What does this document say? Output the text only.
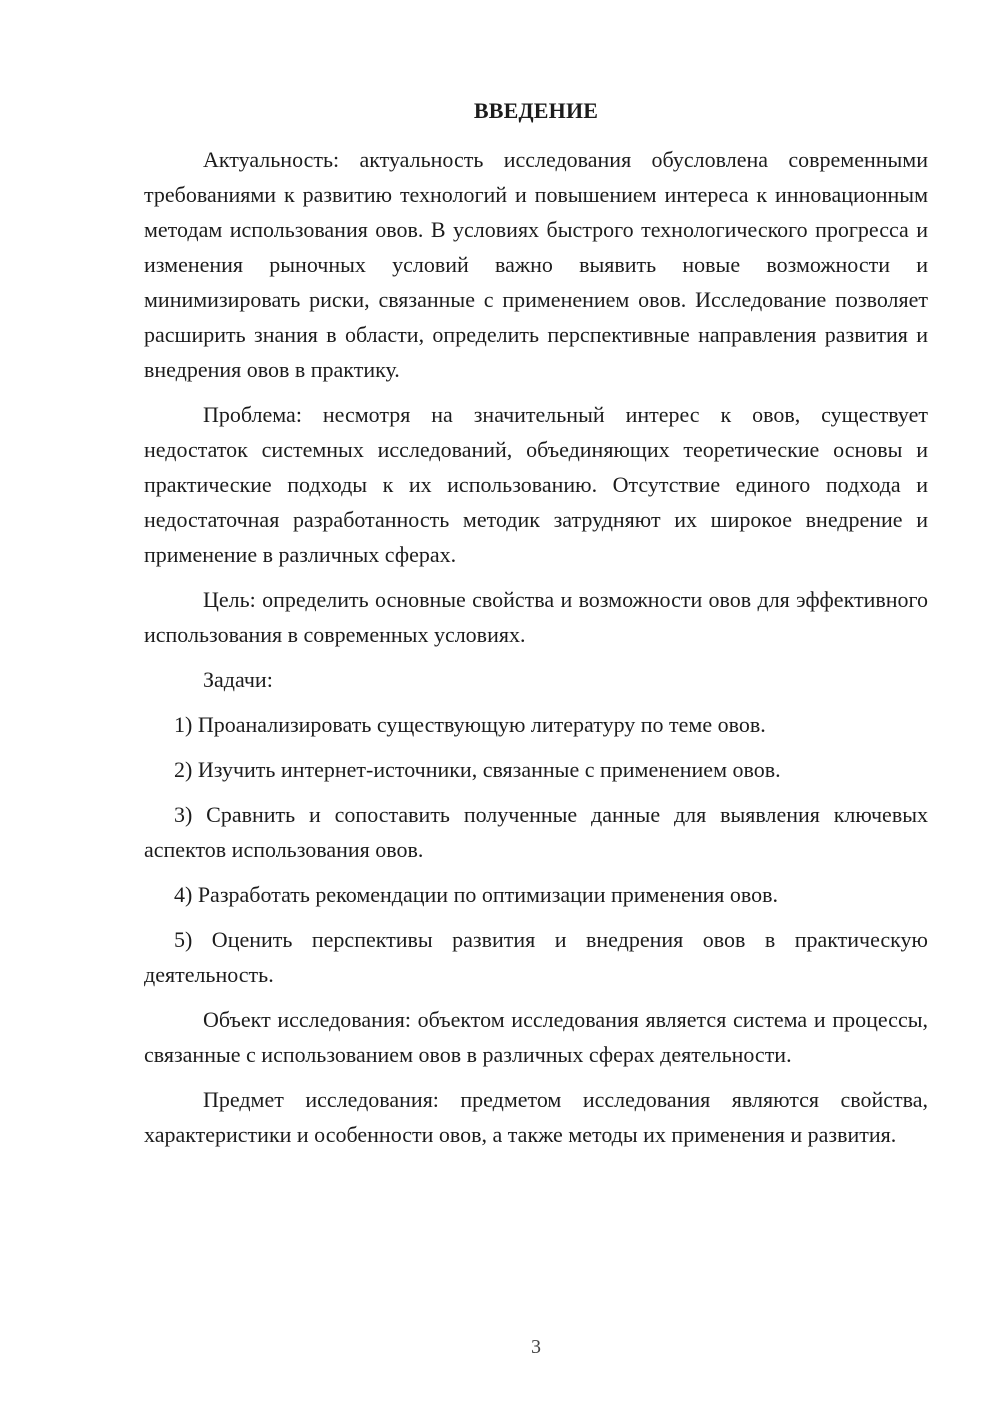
ВВЕДЕНИЕ

Актуальность: актуальность исследования обусловлена современными требованиями к развитию технологий и повышением интереса к инновационным методам использования овов. В условиях быстрого технологического прогресса и изменения рыночных условий важно выявить новые возможности и минимизировать риски, связанные с применением овов. Исследование позволяет расширить знания в области, определить перспективные направления развития и внедрения овов в практику.

Проблема: несмотря на значительный интерес к овов, существует недостаток системных исследований, объединяющих теоретические основы и практические подходы к их использованию. Отсутствие единого подхода и недостаточная разработанность методик затрудняют их широкое внедрение и применение в различных сферах.

Цель: определить основные свойства и возможности овов для эффективного использования в современных условиях.

Задачи:

1) Проанализировать существующую литературу по теме овов.

2) Изучить интернет-источники, связанные с применением овов.

3) Сравнить и сопоставить полученные данные для выявления ключевых аспектов использования овов.

4) Разработать рекомендации по оптимизации применения овов.

5) Оценить перспективы развития и внедрения овов в практическую деятельность.

Объект исследования: объектом исследования является система и процессы, связанные с использованием овов в различных сферах деятельности.

Предмет исследования: предметом исследования являются свойства, характеристики и особенности овов, а также методы их применения и развития.

3
